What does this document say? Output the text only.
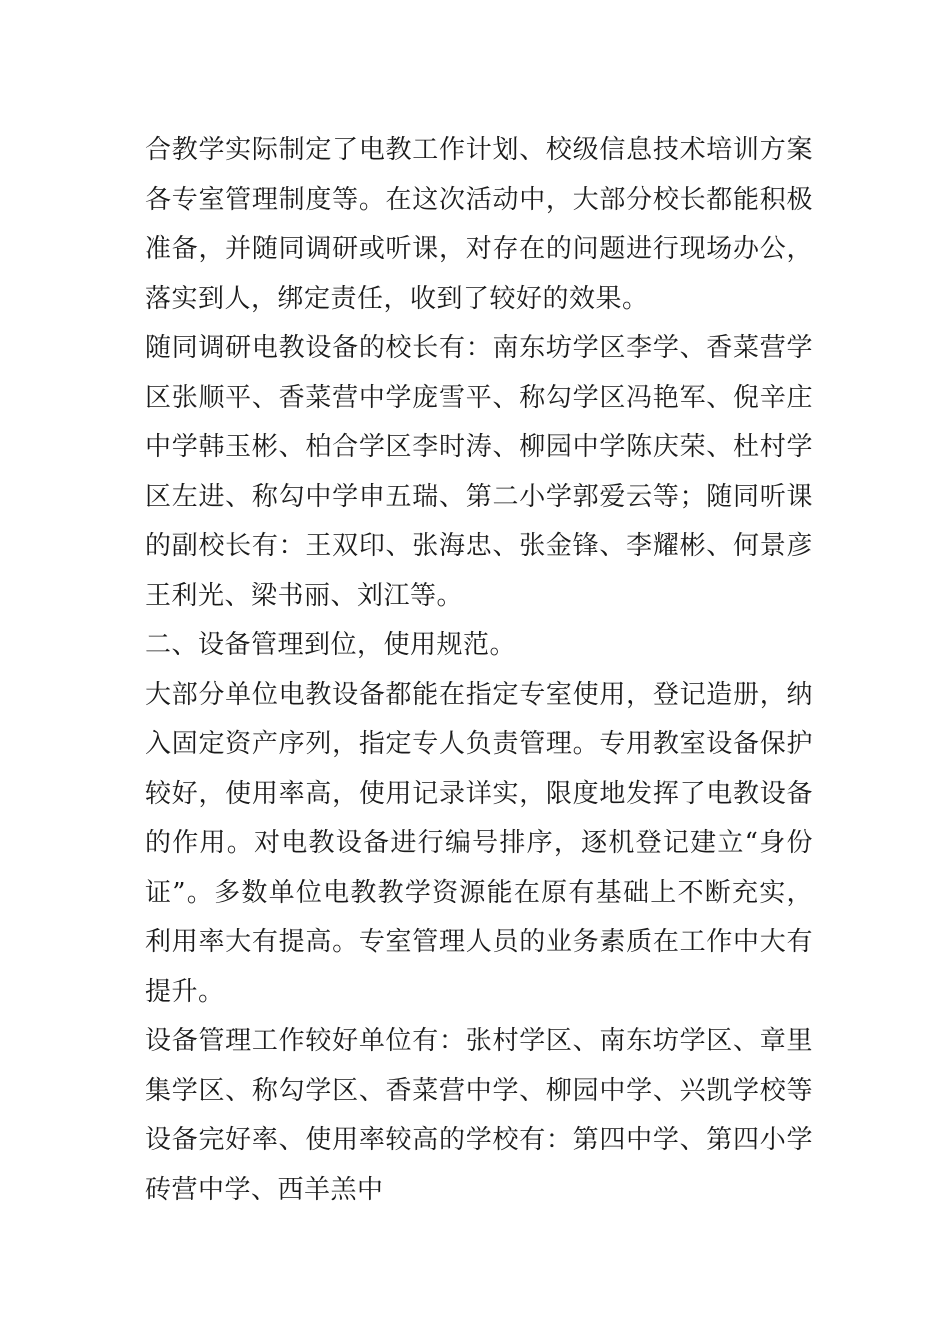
合教学实际制定了电教工作计划、校级信息技术培训方案
各专室管理制度等。在这次活动中，大部分校长都能积极
准备，并随同调研或听课，对存在的问题进行现场办公，
落实到人，绑定责任，收到了较好的效果。
随同调研电教设备的校长有：南东坊学区李学、香菜营学
区张顺平、香菜营中学庞雪平、称勾学区冯艳军、倪辛庄
中学韩玉彬、柏合学区李时涛、柳园中学陈庆荣、杜村学
区左进、称勾中学申五瑞、第二小学郭爱云等；随同听课
的副校长有：王双印、张海忠、张金锋、李耀彬、何景彦
王利光、梁书丽、刘江等。
二、设备管理到位，使用规范。
大部分单位电教设备都能在指定专室使用，登记造册，纳
入固定资产序列，指定专人负责管理。专用教室设备保护
较好，使用率高，使用记录详实，限度地发挥了电教设备
的作用。对电教设备进行编号排序，逐机登记建立“身份
证”。多数单位电教教学资源能在原有基础上不断充实，
利用率大有提高。专室管理人员的业务素质在工作中大有
提升。
设备管理工作较好单位有：张村学区、南东坊学区、章里
集学区、称勾学区、香菜营中学、柳园中学、兴凯学校等
设备完好率、使用率较高的学校有：第四中学、第四小学
砖营中学、西羊羔中
